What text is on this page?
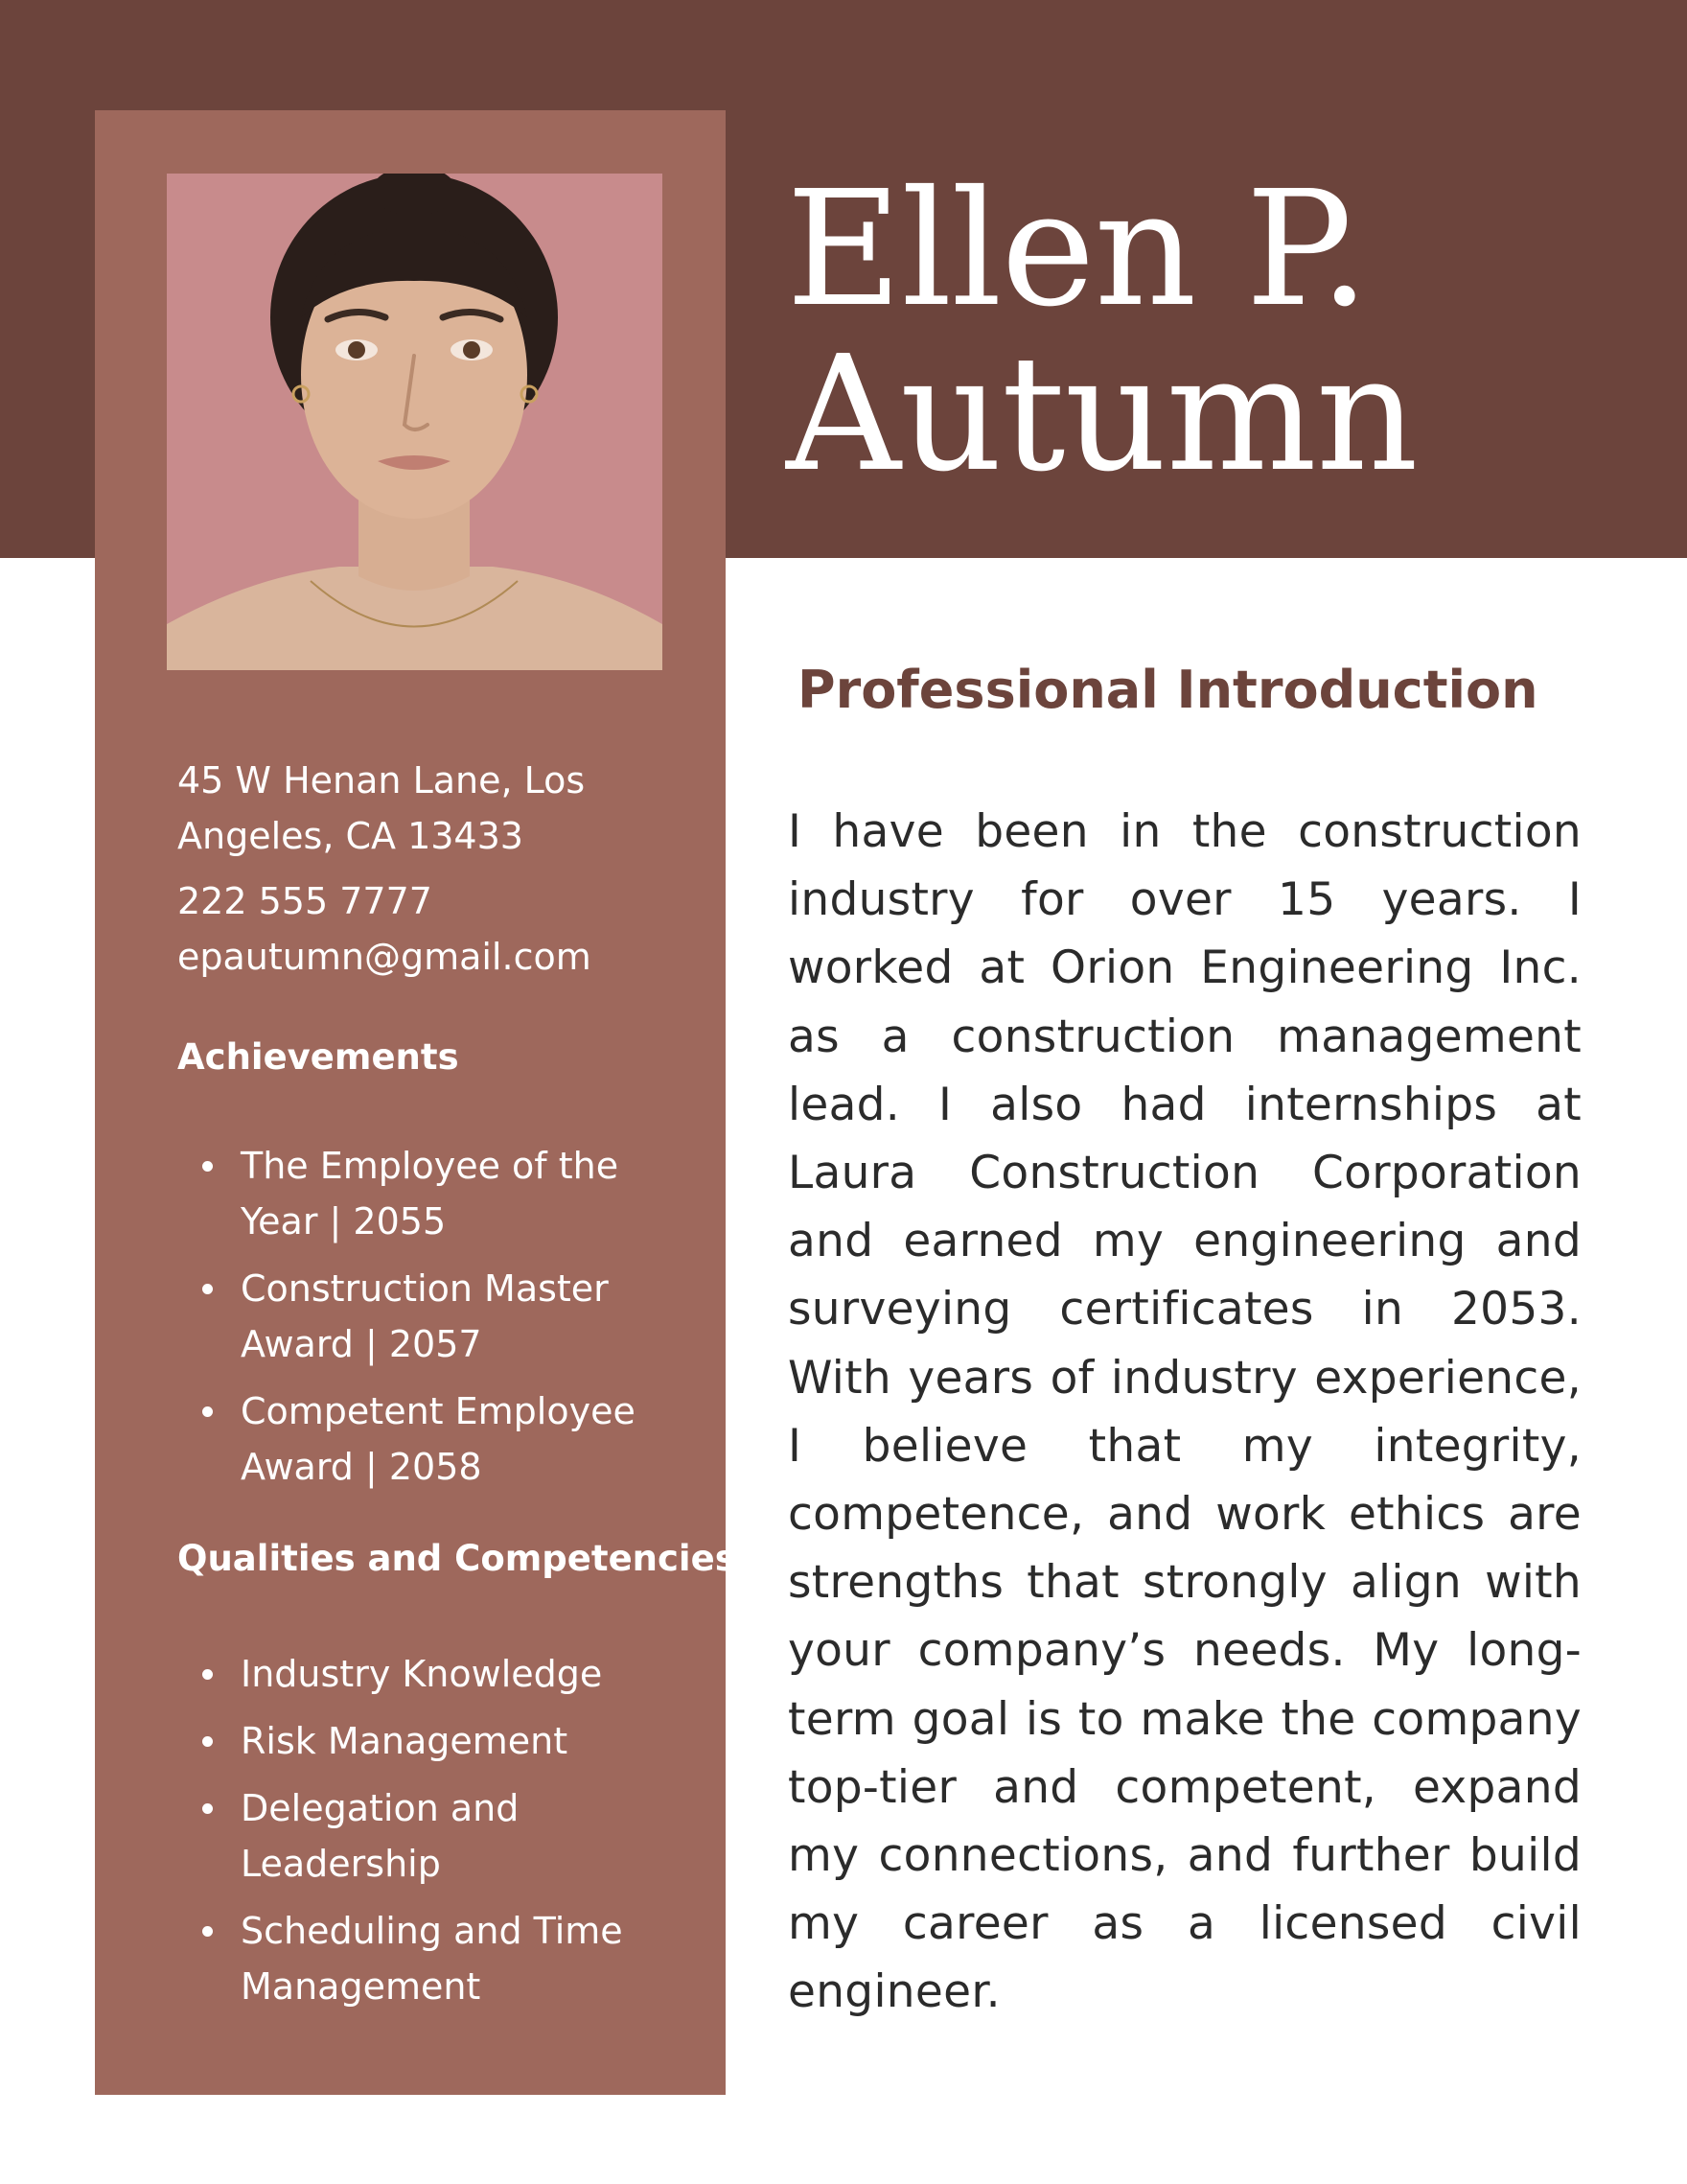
Ellen P.
Autumn
45 W Henan Lane, Los
Angeles, CA 13433
222 555 7777
epautumn@gmail.com
Achievements
The Employee of the
Year | 2055
Construction Master
Award | 2057
Competent Employee
Award | 2058
Qualities and Competencies
Industry Knowledge
Risk Management
Delegation and
Leadership
Scheduling and Time
Management
Professional Introduction

I have been in the construction industry for over 15 years. I worked at Orion Engineering Inc. as a construction management lead. I also had internships at Laura Construction Corporation and earned my engineering and surveying certificates in 2053. With years of industry experience, I believe that my integrity, competence, and work ethics are strengths that strongly align with your company’s needs. My long-term goal is to make the company top-tier and competent, expand my connections, and further build my career as a licensed civil engineer.
